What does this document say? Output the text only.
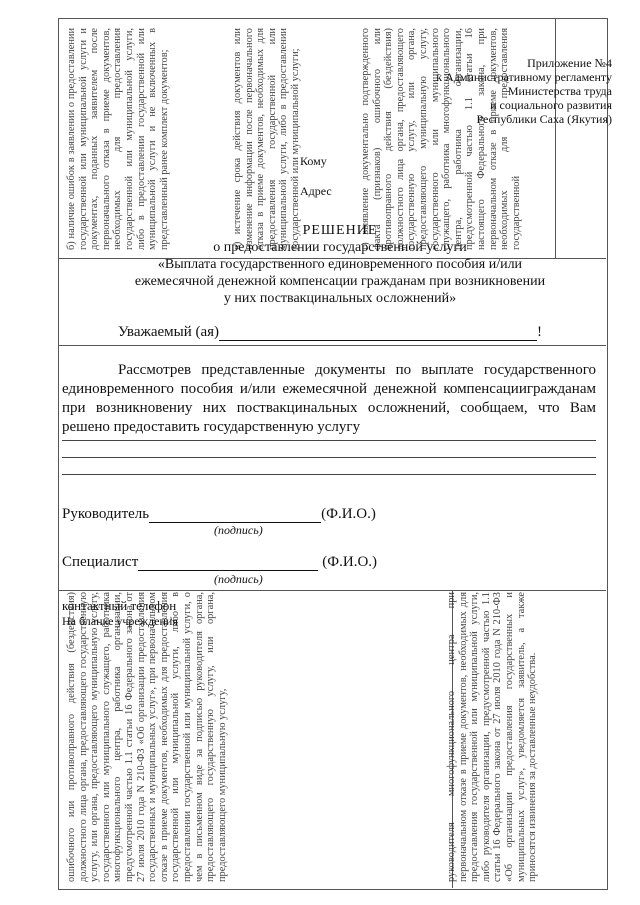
б) наличие ошибок в заявлении о предоставлении государственной или муниципальной услуги и документах, поданных заявителем после первоначального отказа в приеме документов, необходимых для предоставления государственной или муниципальной услуги, либо в предоставлении государственной или муниципальной услуги и не включенных в представленный ранее комплект документов;	в) истечение срока действия документов или изменение информации после первоначального отказа в приеме документов, необходимых для предоставления государственной или муниципальной услуги, либо в предоставлении государственной или муниципальной услуги;	г) выявление документально подтвержденного факта (признаков) ошибочного или противоправного действия (бездействия) должностного лица органа, предоставляющего государственную услугу, или органа, предоставляющего муниципальную услугу, государственного или муниципального служащего, работника многофункционального центра, работника организации, предусмотренной частью 1.1 статьи 16 настоящего Федерального закона, при первоначальном отказе в приеме документов, необходимых для предоставления государственной

ошибочного или противоправного действия (бездействия) должностного лица органа, предоставляющего государственную услугу, или органа, предоставляющего муниципальную услугу, государственного или муниципального служащего, работника многофункционального центра, работника организации, предусмотренной частью 1.1 статьи 16 Федерального закона от 27 июля 2010 года N 210-ФЗ «Об организации предоставления государственных и муниципальных услуг», при первоначальном отказе в приеме документов, необходимых для предоставления государственной или муниципальной услуги, либо в предоставлении государственной или муниципальной услуги, о чем в письменном виде за подписью руководителя органа, предоставляющего государственную услугу, или органа, предоставляющего муниципальную услугу,	руководителя многофункционального центра при первоначальном отказе в приеме документов, необходимых для предоставления государственной или муниципальной услуги, либо руководителя организации, предусмотренной частью 1.1 статьи 16 Федерального закона от 27 июля 2010 года N 210-ФЗ «Об организации предоставления государственных и муниципальных услуг», уведомляется заявитель, а также приносятся извинения за доставленные неудобства.

Приложение №4
к Административному регламенту
Министерства труда
и социального развития
Республики Саха (Якутия)
Кому
Адрес
РЕШЕНИЕ
о предоставлении государственной услуги
«Выплата государственного единовременного пособия и/или
ежемесячной денежной компенсации гражданам при возникновении
у них поствакцинальных осложнений»
Уважаемый (ая)	!
Рассмотрев представленные документы по выплате государственного единовременного пособия и/или ежемесячной денежной компенсациигражданам при возникновениу них поствакцинальных осложнений, сообщаем, что Вам решено предоставить государственную услугу
Руководитель	(Ф.И.О.)
(подпись)
Специалист	(Ф.И.О.)
(подпись)
контактный телефон
На бланке учреждения
